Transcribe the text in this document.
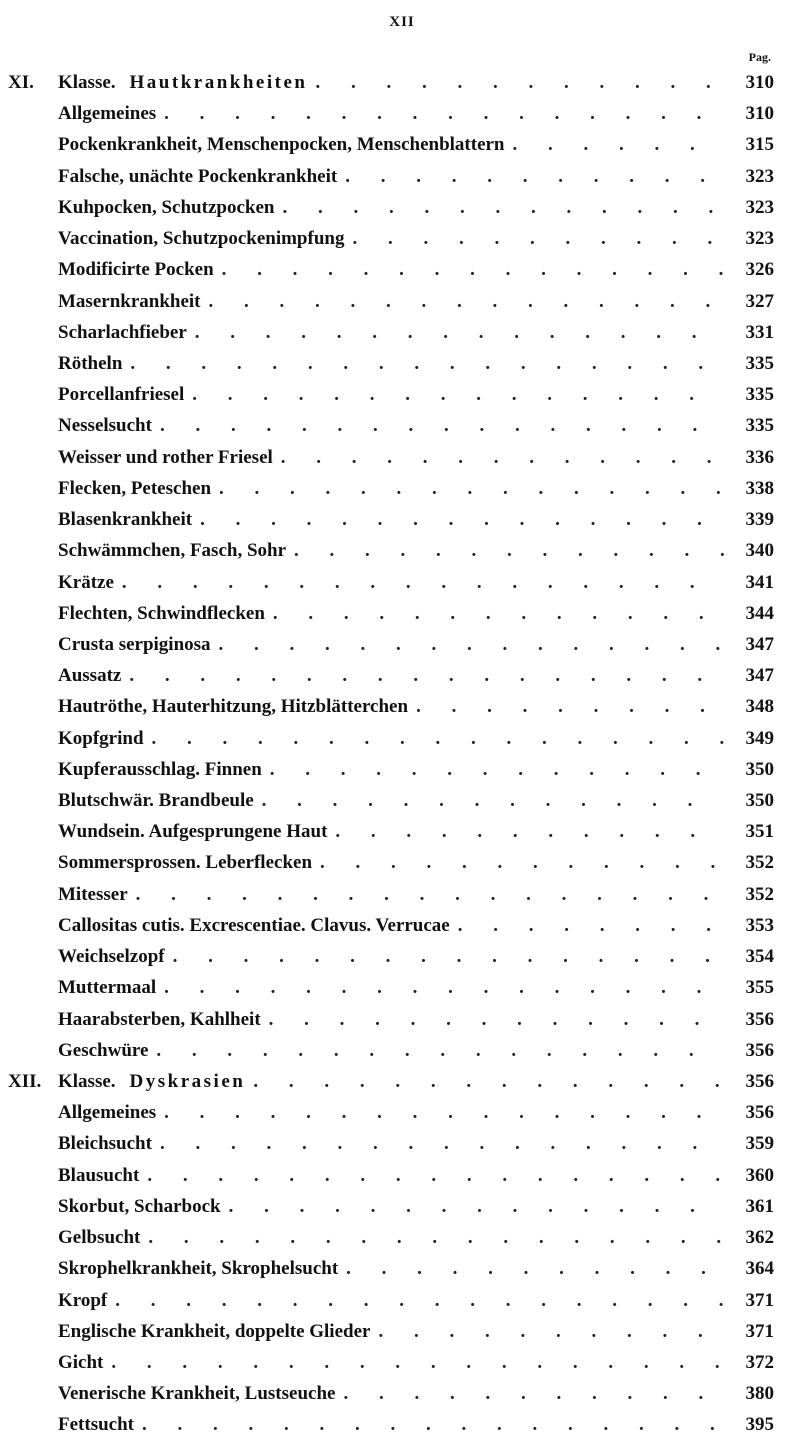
XII
Pag.
XI.	Klasse. Hautkrankheiten . . .	310
Allgemeines . . .	310
Pockenkrankheit, Menschenpocken, Menschenblattern . . .	315
Falsche, unächte Pockenkrankheit . . .	323
Kuhpocken, Schutzpocken . . .	323
Vaccination, Schutzpockenimpfung . . .	323
Modificirte Pocken . . .	326
Masernkrankheit . . .	327
Scharlachfieber . . .	331
Rötheln . . .	335
Porcellanfriesel . . .	335
Nesselsucht . . .	335
Weisser und rother Friesel . . .	336
Flecken, Peteschen . . .	338
Blasenkrankheit . . .	339
Schwämmchen, Fasch, Sohr . . .	340
Krätze . . .	341
Flechten, Schwindflecken . . .	344
Crusta serpiginosa . . .	347
Aussatz . . .	347
Hautröthe, Hauterhitzung, Hitzblätterchen . . .	348
Kopfgrind . . .	349
Kupferausschlag. Finnen . . .	350
Blutschwär. Brandbeule . . .	350
Wundsein. Aufgesprungene Haut . . .	351
Sommersprossen. Leberflecken . . .	352
Mitesser . . .	352
Callositas cutis. Excrescentiae. Clavus. Verrucae . . .	353
Weichselzopf . . .	354
Muttermaal . . .	355
Haarabsterben, Kahlheit . . .	356
Geschwüre . . .	356
XII. Klasse. Dyskrasien . . .	356
Allgemeines . . .	356
Bleichsucht . . .	359
Blausucht . . .	360
Skorbut, Scharbock . . .	361
Gelbsucht . . .	362
Skrophelkrankheit, Skrophelsucht . . .	364
Kropf . . .	371
Englische Krankheit, doppelte Glieder . . .	371
Gicht . . .	372
Venerische Krankheit, Lustseuche . . .	380
Fettsucht . . .	395
